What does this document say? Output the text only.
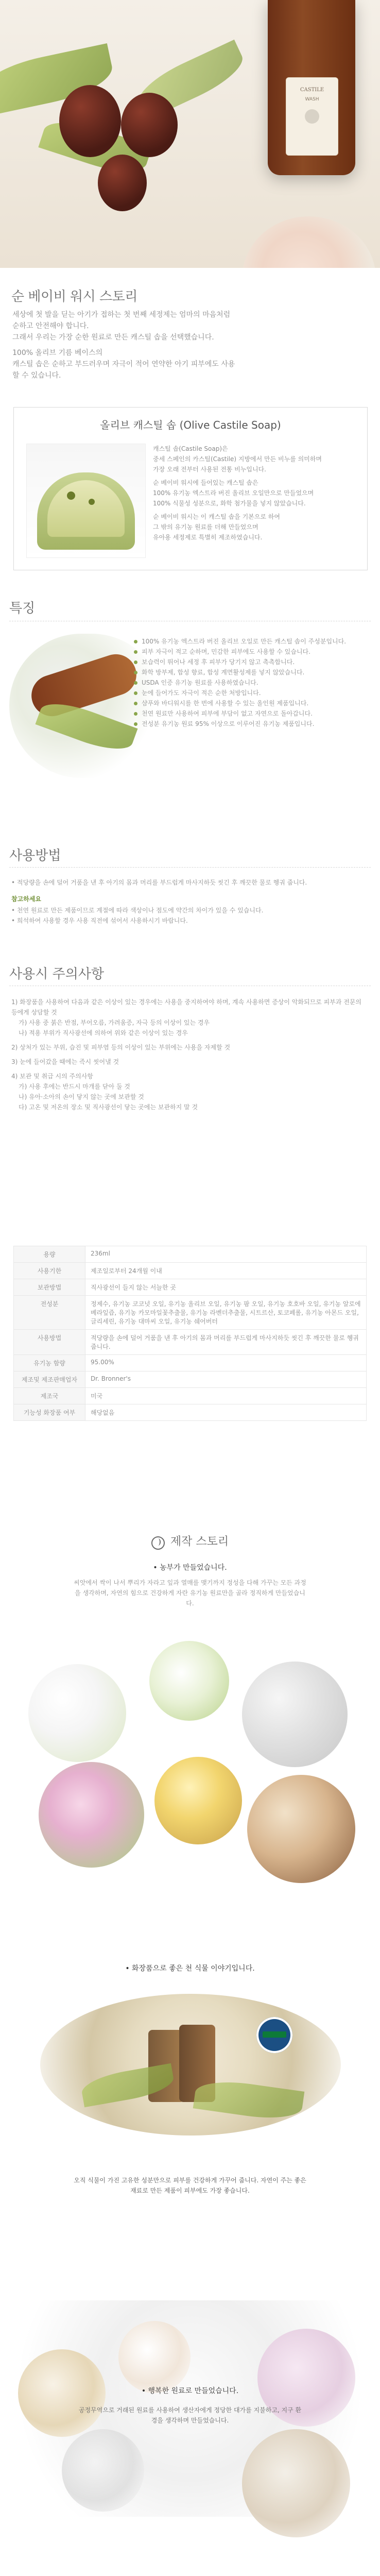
CASTILE
WASH
순 베이비 워시 스토리
세상에 첫 발을 딛는 아기가 접하는 첫 번째 세정제는 엄마의 마음처럼 순하고 안전해야 합니다.
그래서 우리는 가장 순한 원료로 만든 캐스틸 솝을 선택했습니다.
100% 올리브 기름 베이스의
캐스틸 솝은 순하고 부드러우며 자극이 적어 연약한 아기 피부에도 사용할 수 있습니다.
올리브 캐스틸 솝 (Olive Castile Soap)
캐스틸 솝(Castile Soap)은
중세 스페인의 카스틸(Castile) 지방에서 만든 비누를 의미하며
가장 오래 전부터 사용된 전통 비누입니다.
순 베이비 워시에 들어있는 캐스틸 솝은
100% 유기농 엑스트라 버진 올리브 오일만으로 만들었으며
100% 식물성 성분으로, 화학 첨가물을 넣지 않았습니다.
순 베이비 워시는 이 캐스틸 솝을 기본으로 하여
그 밖의 유기농 원료를 더해 만들었으며
유아용 세정제로 특별히 제조하였습니다.
특징
100% 유기농 엑스트라 버진 올리브 오일로 만든 캐스틸 솝이 주성분입니다.
피부 자극이 적고 순하며, 민감한 피부에도 사용할 수 있습니다.
보습력이 뛰어나 세정 후 피부가 당기지 않고 촉촉합니다.
화학 방부제, 합성 향료, 합성 계면활성제를 넣지 않았습니다.
USDA 인증 유기농 원료를 사용하였습니다.
눈에 들어가도 자극이 적은 순한 처방입니다.
샴푸와 바디워시를 한 번에 사용할 수 있는 올인원 제품입니다.
천연 원료만 사용하여 피부에 부담이 없고 자연으로 돌아갑니다.
전성분 유기농 원료 95% 이상으로 이루어진 유기농 제품입니다.
사용방법
• 적당량을 손에 덜어 거품을 낸 후 아기의 몸과 머리를 부드럽게 마사지하듯 씻긴 후 깨끗한 물로 헹궈 줍니다.
참고하세요
• 천연 원료로 만든 제품이므로 계절에 따라 색상이나 점도에 약간의 차이가 있을 수 있습니다.
• 희석하여 사용할 경우 사용 직전에 섞어서 사용하시기 바랍니다.
사용시 주의사항
1) 화장품을 사용하여 다음과 같은 이상이 있는 경우에는 사용을 중지하여야 하며, 계속 사용하면 증상이 악화되므로 피부과 전문의 등에게 상담할 것
가) 사용 중 붉은 반점, 부어오름, 가려움증, 자극 등의 이상이 있는 경우
나) 적용 부위가 직사광선에 의하여 위와 같은 이상이 있는 경우
2) 상처가 있는 부위, 습진 및 피부염 등의 이상이 있는 부위에는 사용을 자제할 것
3) 눈에 들어갔을 때에는 즉시 씻어낼 것
4) 보관 및 취급 시의 주의사항
가) 사용 후에는 반드시 마개를 닫아 둘 것
나) 유아·소아의 손이 닿지 않는 곳에 보관할 것
다) 고온 및 저온의 장소 및 직사광선이 닿는 곳에는 보관하지 말 것
용량	236ml
사용기한	제조일로부터 24개월 이내
보관방법	직사광선이 들지 않는 서늘한 곳
전성분	정제수, 유기농 코코넛 오일, 유기농 올리브 오일, 유기농 팜 오일, 유기농 호호바 오일, 유기농 알로에베라잎즙, 유기농 카모마일꽃추출물, 유기농 라벤더추출물, 시트르산, 토코페롤, 유기농 아몬드 오일, 글리세린, 유기농 대마씨 오일, 유기농 쉐어버터
사용방법	적당량을 손에 덜어 거품을 낸 후 아기의 몸과 머리를 부드럽게 마사지하듯 씻긴 후 깨끗한 물로 헹궈 줍니다.
유기농 함량	95.00%
제조및 제조판매업자	Dr. Bronner's
제조국	미국
기능성 화장품 여부	해당없음
제작 스토리
• 농부가 만들었습니다.
씨앗에서 싹이 나서 뿌리가 자라고 잎과 열매를 맺기까지 정성을 다해 가꾸는 모든 과정을 생각하며, 자연의 힘으로 건강하게 자란 유기농 원료만을 골라 정직하게 만들었습니다.
• 화장품으로 좋은 천 식물 이야기입니다.
오직 식물이 가진 고유한 성분만으로 피부를 건강하게 가꾸어 줍니다. 자연이 주는 좋은 재료로 만든 제품이 피부에도 가장 좋습니다.
• 행복한 원료로 만들었습니다.
공정무역으로 거래된 원료를 사용하여 생산자에게 정당한 대가를 지불하고, 지구 환경을 생각하며 만들었습니다.
